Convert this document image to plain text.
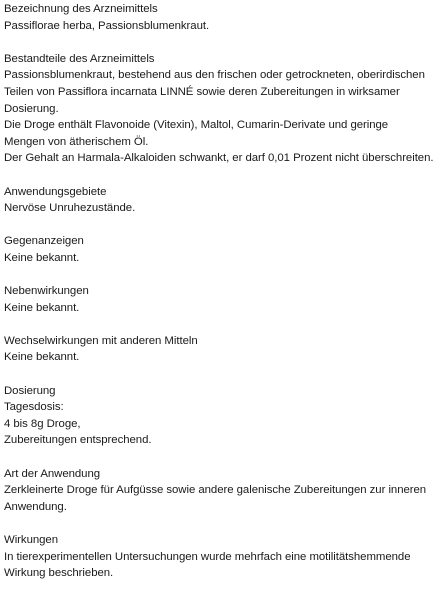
Bezeichnung des Arzneimittels
Passiflorae herba, Passionsblumenkraut.
Bestandteile des Arzneimittels
Passionsblumenkraut, bestehend aus den frischen oder getrockneten, oberirdischen
Teilen von Passiflora incarnata LINNÉ sowie deren Zubereitungen in wirksamer
Dosierung.
Die Droge enthält Flavonoide (Vitexin), Maltol, Cumarin-Derivate und geringe
Mengen von ätherischem Öl.
Der Gehalt an Harmala-Alkaloiden schwankt, er darf 0,01 Prozent nicht überschreiten.
Anwendungsgebiete
Nervöse Unruhezustände.
Gegenanzeigen
Keine bekannt.
Nebenwirkungen
Keine bekannt.
Wechselwirkungen mit anderen Mitteln
Keine bekannt.
Dosierung
Tagesdosis:
4 bis 8g Droge,
Zubereitungen entsprechend.
Art der Anwendung
Zerkleinerte Droge für Aufgüsse sowie andere galenische Zubereitungen zur inneren
Anwendung.
Wirkungen
In tierexperimentellen Untersuchungen wurde mehrfach eine motilitätshemmende
Wirkung beschrieben.
